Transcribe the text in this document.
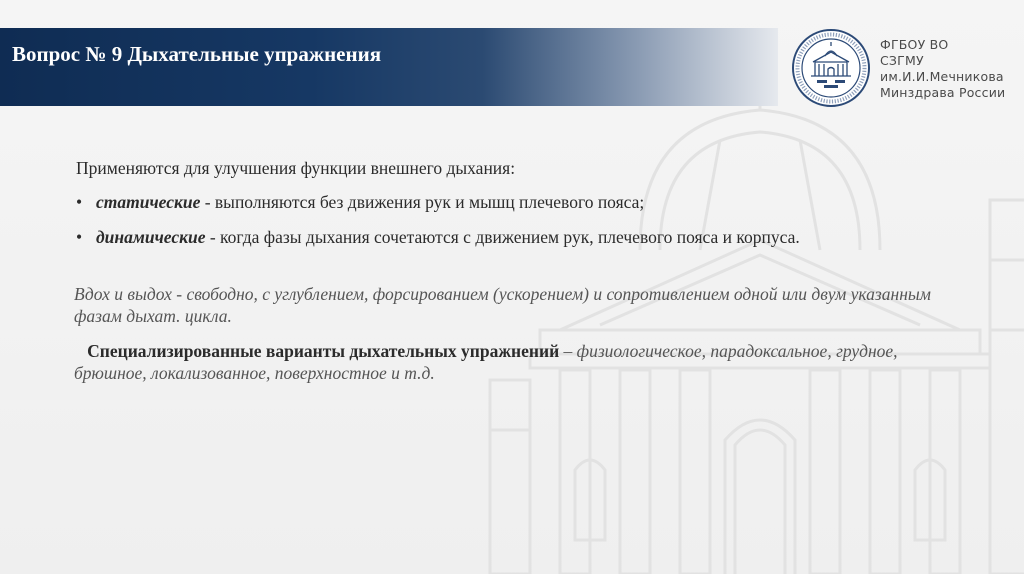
Вопрос № 9 Дыхательные упражнения	ФГБОУ ВО
СЗГМУ
им.И.И.Мечникова
Минздрава России
Применяются для улучшения функции внешнего дыхания:
• статические - выполняются без движения рук и мышц плечевого пояса;
• динамические - когда фазы дыхания сочетаются с движением рук, плечевого пояса и корпуса.
Вдох и выдох - свободно, с углублением, форсированием (ускорением) и сопротивлением одной или двум указанным фазам дыхат. цикла.
Специализированные варианты дыхательных упражнений – физиологическое, парадоксальное, грудное, брюшное, локализованное, поверхностное и т.д.
